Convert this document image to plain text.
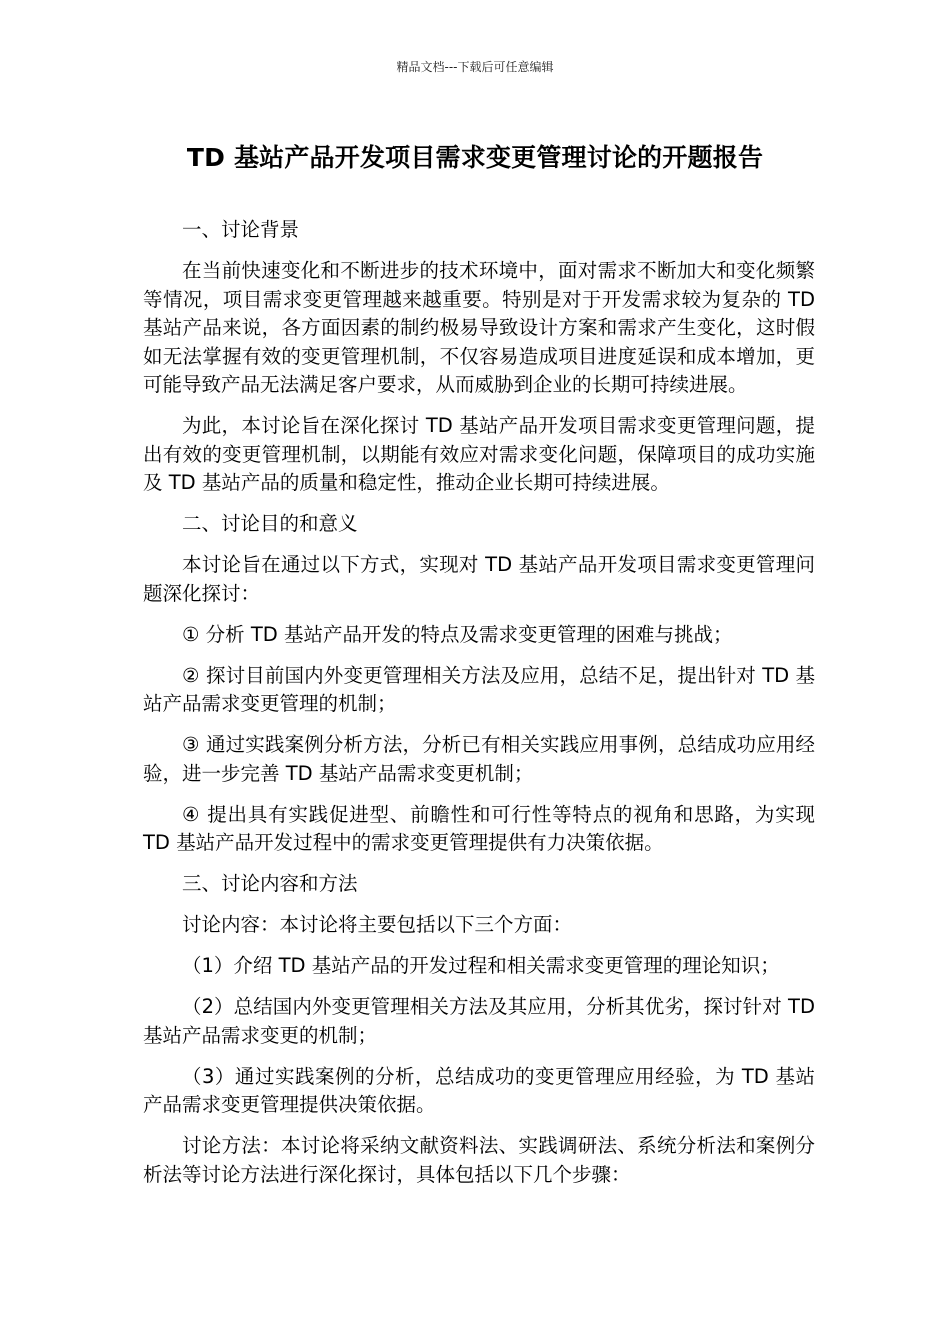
精品文档---下载后可任意编辑
TD 基站产品开发项目需求变更管理讨论的开题报告

一、讨论背景

在当前快速变化和不断进步的技术环境中，面对需求不断加大和变化频繁等情况，项目需求变更管理越来越重要。特别是对于开发需求较为复杂的 TD 基站产品来说，各方面因素的制约极易导致设计方案和需求产生变化，这时假如无法掌握有效的变更管理机制，不仅容易造成项目进度延误和成本增加，更可能导致产品无法满足客户要求，从而威胁到企业的长期可持续进展。

为此，本讨论旨在深化探讨 TD 基站产品开发项目需求变更管理问题，提出有效的变更管理机制，以期能有效应对需求变化问题，保障项目的成功实施及 TD 基站产品的质量和稳定性，推动企业长期可持续进展。

二、讨论目的和意义

本讨论旨在通过以下方式，实现对 TD 基站产品开发项目需求变更管理问题深化探讨：

① 分析 TD 基站产品开发的特点及需求变更管理的困难与挑战；

② 探讨目前国内外变更管理相关方法及应用，总结不足，提出针对 TD 基站产品需求变更管理的机制；

③ 通过实践案例分析方法，分析已有相关实践应用事例，总结成功应用经验，进一步完善 TD 基站产品需求变更机制；

④ 提出具有实践促进型、前瞻性和可行性等特点的视角和思路，为实现 TD 基站产品开发过程中的需求变更管理提供有力决策依据。

三、讨论内容和方法

讨论内容：本讨论将主要包括以下三个方面：

（1）介绍 TD 基站产品的开发过程和相关需求变更管理的理论知识；

（2）总结国内外变更管理相关方法及其应用，分析其优劣，探讨针对 TD 基站产品需求变更的机制；

（3）通过实践案例的分析，总结成功的变更管理应用经验，为 TD 基站产品需求变更管理提供决策依据。

讨论方法：本讨论将采纳文献资料法、实践调研法、系统分析法和案例分析法等讨论方法进行深化探讨，具体包括以下几个步骤：
